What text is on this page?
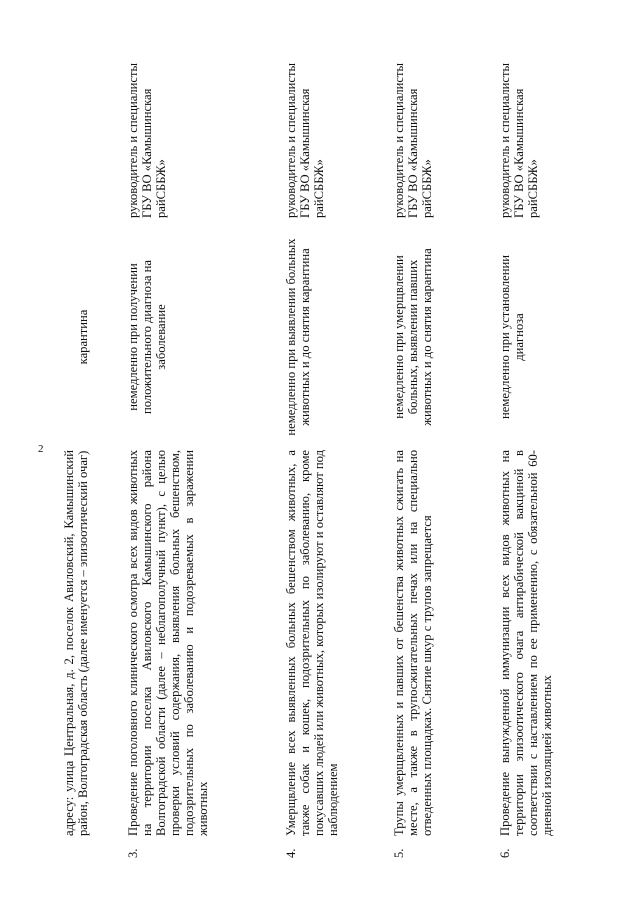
2
адресу: улица Центральная, д. 2, поселок Авиловский, Камышинский район, Волгоградская область (далее именуется – эпизоотический очаг)
карантина
3.
Проведение поголовного клинического осмотра всех видов животных на территории поселка Авиловского Камышинского района Волгоградской области (далее – неблагополучный пункт), с целью проверки условий содержания, выявления больных бешенством, подозрительных по заболеванию и подозреваемых в заражении животных
немедленно при получении положительного диагноза на заболевание
руководитель и специалисты ГБУ ВО «Камышинская райСББЖ»
4.
Умерщвление всех выявленных больных бешенством животных, а также собак и кошек, подозрительных по заболеванию, кроме покусавших людей или животных, которых изолируют и оставляют под наблюдением
немедленно при выявлении больных животных и до снятия карантина
руководитель и специалисты ГБУ ВО «Камышинская райСББЖ»
5.
Трупы умерщвленных и павших от бешенства животных сжигать на месте, а также в трупосжигательных печах или на специально отведенных площадках. Снятие шкур с трупов запрещается
немедленно при умерщвлении больных, выявлении павших животных и до снятия карантина
руководитель и специалисты ГБУ ВО «Камышинская райСББЖ»
6.
Проведение вынужденной иммунизации всех видов животных на территории эпизоотического очага антирабической вакциной в соответствии с наставлением по ее применению, с обязательной 60-дневной изоляцией животных
немедленно при установлении диагноза
руководитель и специалисты ГБУ ВО «Камышинская райСББЖ»
